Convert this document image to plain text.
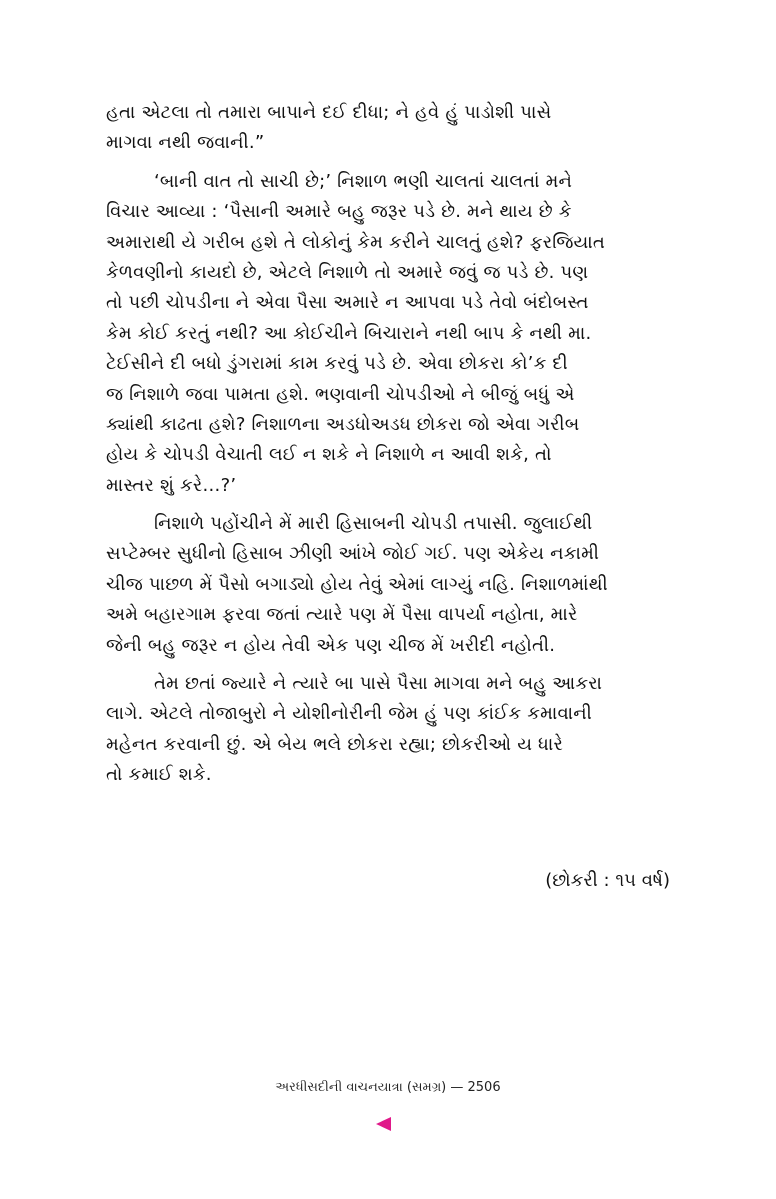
હતા એટલા તો તમારા બાપાને દઈ દીધા; ને હવે હું પાડોશી પાસે
માગવા નથી જવાની.”
‘બાની વાત તો સાચી છે;’ નિશાળ ભણી ચાલતાં ચાલતાં મને
વિચાર આવ્યા : ‘પૈસાની અમારે બહુ જરૂર પડે છે. મને થાય છે કે
અમારાથી યે ગરીબ હશે તે લોકોનું કેમ કરીને ચાલતું હશે? ફરજિયાત
કેળવણીનો કાયદો છે, એટલે નિશાળે તો અમારે જવું જ પડે છે. પણ
તો પછી ચોપડીના ને એવા પૈસા અમારે ન આપવા પડે તેવો બંદોબસ્ત
કેમ કોઈ કરતું નથી? આ કોઈચીને બિચારાને નથી બાપ કે નથી મા.
ટેઈસીને દી બધો ડુંગરામાં કામ કરવું પડે છે. એવા છોકરા કો’ક દી
જ નિશાળે જવા પામતા હશે. ભણવાની ચોપડીઓ ને બીજું બધું એ
ક્યાંથી કાઢતા હશે? નિશાળના અડધોઅડધ છોકરા જો એવા ગરીબ
હોય કે ચોપડી વેચાતી લઈ ન શકે ને નિશાળે ન આવી શકે, તો
માસ્તર શું કરે…?’
નિશાળે પહોંચીને મેં મારી હિસાબની ચોપડી તપાસી. જુલાઈથી
સપ્ટેમ્બર સુધીનો હિસાબ ઝીણી આંખે જોઈ ગઈ. પણ એકેય નકામી
ચીજ પાછળ મેં પૈસો બગાડ્યો હોય તેવું એમાં લાગ્યું નહિ. નિશાળમાંથી
અમે બહારગામ ફરવા જતાં ત્યારે પણ મેં પૈસા વાપર્યા નહોતા, મારે
જેની બહુ જરૂર ન હોય તેવી એક પણ ચીજ મેં ખરીદી નહોતી.
તેમ છતાં જ્યારે ને ત્યારે બા પાસે પૈસા માગવા મને બહુ આકરા
લાગે. એટલે તોજાબુરો ને યોશીનોરીની જેમ હું પણ કાંઈક કમાવાની
મહેનત કરવાની છું. એ બેય ભલે છોકરા રહ્યા; છોકરીઓ ય ધારે
તો કમાઈ શકે.
(છોકરી : ૧૫ વર્ષ)
અરધીસદીની વાચનયાત્રા (સમગ્ર) — 2506
